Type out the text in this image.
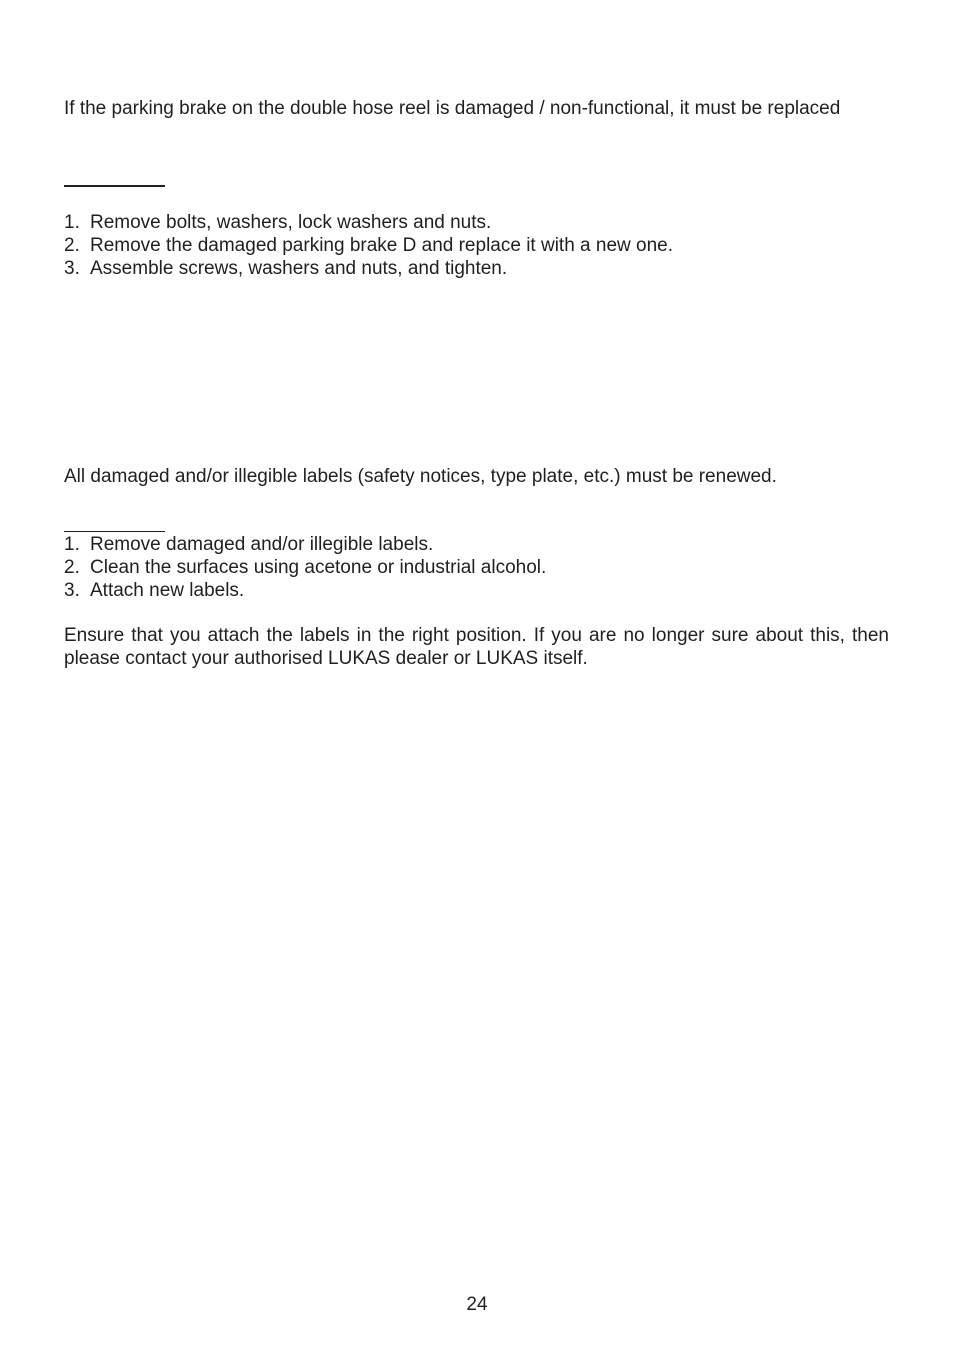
If the parking brake on the double hose reel is damaged / non-functional, it must be replaced

1. Remove bolts, washers, lock washers and nuts.
2. Remove the damaged parking brake D and replace it with a new one.
3. Assemble screws, washers and nuts, and tighten.

All damaged and/or illegible labels (safety notices, type plate, etc.) must be renewed.

1. Remove damaged and/or illegible labels.
2. Clean the surfaces using acetone or industrial alcohol.
3. Attach new labels.

Ensure that you attach the labels in the right position. If you are no longer sure about this, then please contact your authorised LUKAS dealer or LUKAS itself.

24
